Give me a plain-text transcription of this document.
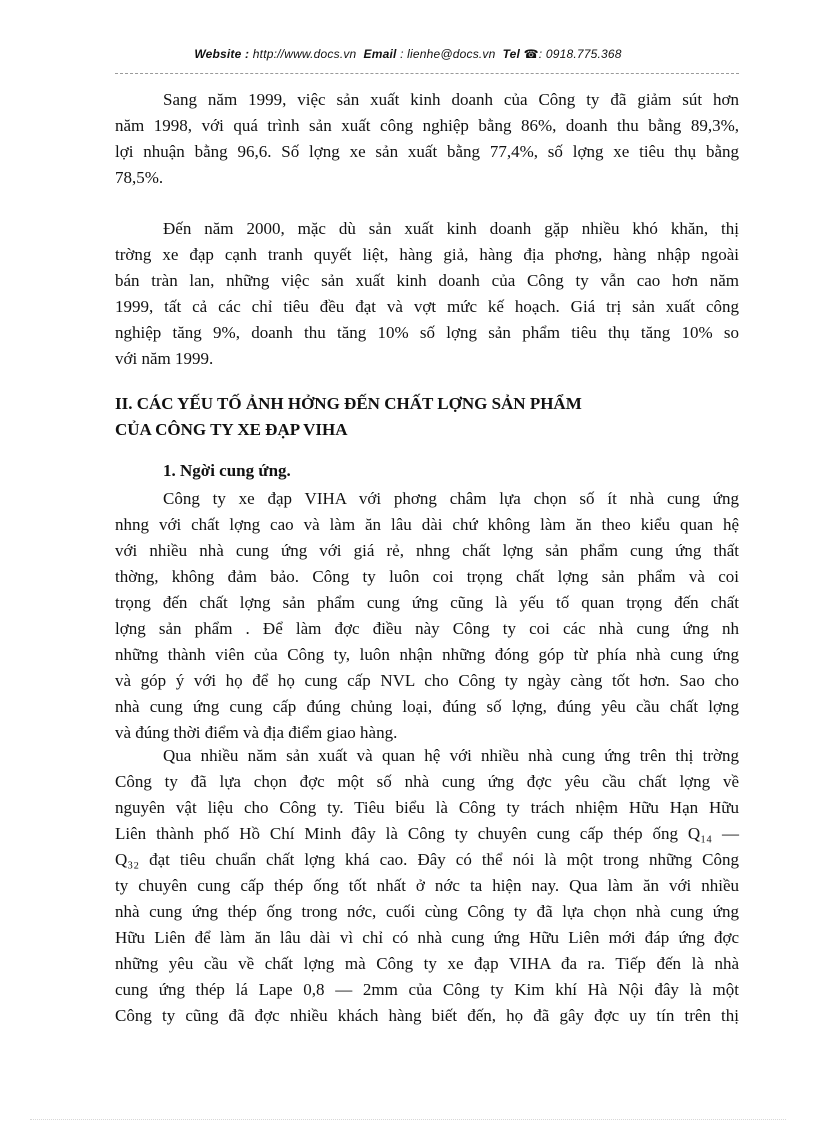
Website : http://www.docs.vn Email : lienhe@docs.vn Tel ☎: 0918.775.368
Sang năm 1999, việc sản xuất kinh doanh của Công ty đã giảm sút hơn
năm 1998, với quá trình sản xuất công nghiệp bằng 86%, doanh thu bằng 89,3%,
lợi nhuận bằng 96,6. Số lợng xe sản xuất bằng 77,4%, số lợng xe tiêu thụ bằng
78,5%.
Đến năm 2000, mặc dù sản xuất kinh doanh gặp nhiều khó khăn, thị
trờng xe đạp cạnh tranh quyết liệt, hàng giả, hàng địa phơng, hàng nhập ngoài
bán tràn lan, những việc sản xuất kinh doanh của Công ty vẫn cao hơn năm
1999, tất cả các chỉ tiêu đều đạt và vợt mức kế hoạch. Giá trị sản xuất công
nghiệp tăng 9%, doanh thu tăng 10% số lợng sản phẩm tiêu thụ tăng 10% so
với năm 1999.
II. CÁC YẾU TỐ ẢNH HỞNG ĐẾN CHẤT LỢNG SẢN PHẨM
CỦA CÔNG TY XE ĐẠP VIHA
1. Ngời cung ứng.
Công ty xe đạp VIHA với phơng châm lựa chọn số ít nhà cung ứng
nhng với chất lợng cao và làm ăn lâu dài chứ không làm ăn theo kiểu quan hệ
với nhiều nhà cung ứng với giá rẻ, nhng chất lợng sản phẩm cung ứng thất
thờng, không đảm bảo. Công ty luôn coi trọng chất lợng sản phẩm và coi
trọng đến chất lợng sản phẩm cung ứng cũng là yếu tố quan trọng đến chất
lợng sản phẩm . Để làm đợc điều này Công ty coi các nhà cung ứng nh
những thành viên của Công ty, luôn nhận những đóng góp từ phía nhà cung ứng
và góp ý với họ để họ cung cấp NVL cho Công ty ngày càng tốt hơn. Sao cho
nhà cung ứng cung cấp đúng chủng loại, đúng số lợng, đúng yêu cầu chất lợng
và đúng thời điểm và địa điểm giao hàng.
Qua nhiều năm sản xuất và quan hệ với nhiều nhà cung ứng trên thị trờng
Công ty đã lựa chọn đợc một số nhà cung ứng đợc yêu cầu chất lợng về
nguyên vật liệu cho Công ty. Tiêu biểu là Công ty trách nhiệm Hữu Hạn Hữu
Liên thành phố Hồ Chí Minh đây là Công ty chuyên cung cấp thép ống Q₁₄ —
Q₃₂ đạt tiêu chuẩn chất lợng khá cao. Đây có thể nói là một trong những Công
ty chuyên cung cấp thép ống tốt nhất ở nớc ta hiện nay. Qua làm ăn với nhiều
nhà cung ứng thép ống trong nớc, cuối cùng Công ty đã lựa chọn nhà cung ứng
Hữu Liên để làm ăn lâu dài vì chỉ có nhà cung ứng Hữu Liên mới đáp ứng đợc
những yêu cầu về chất lợng mà Công ty xe đạp VIHA đa ra. Tiếp đến là nhà
cung ứng thép lá Lape 0,8 — 2mm của Công ty Kim khí Hà Nội đây là một
Công ty cũng đã đợc nhiều khách hàng biết đến, họ đã gây đợc uy tín trên thị
